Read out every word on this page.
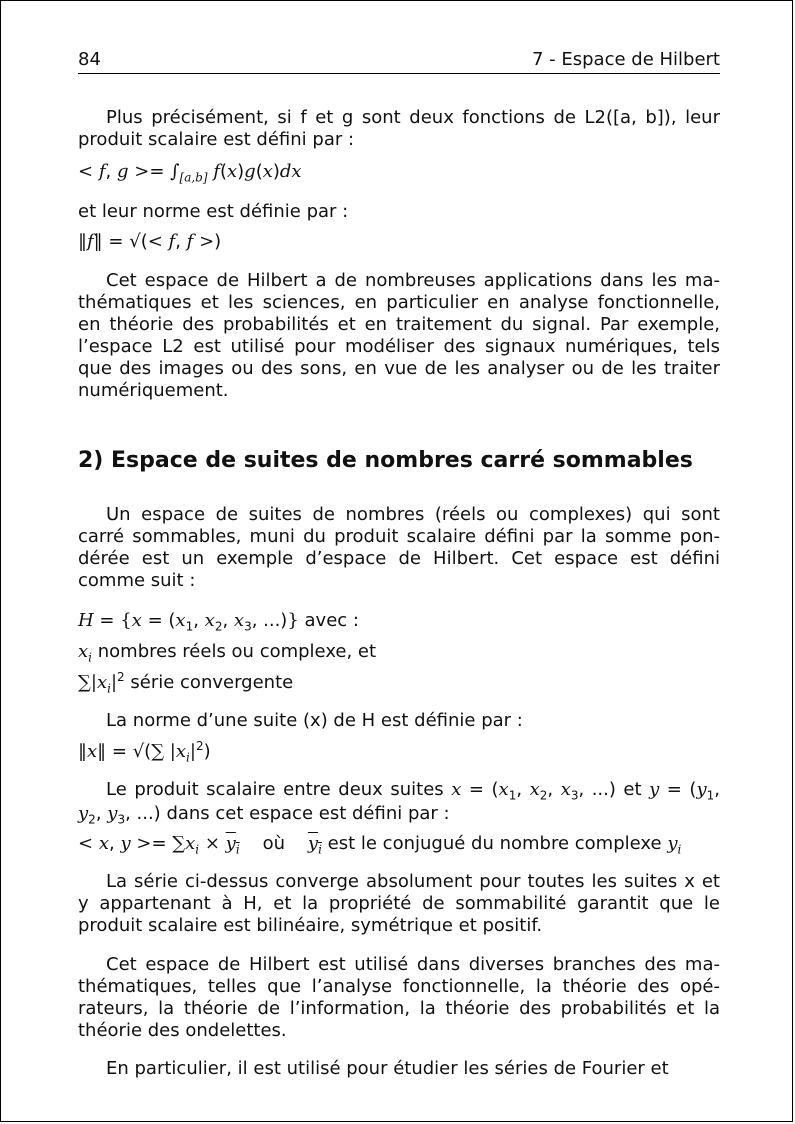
84	7 - Espace de Hilbert

Plus précisément, si f et g sont deux fonctions de L2([a, b]), leur produit scalaire est défini par :

< f, $g >= \int_{[a,b]}$ f(x)g(x)dx

et leur norme est définie par :

‖f‖ = √(< f, f >)

Cet espace de Hilbert a de nombreuses applications dans les ma-thématiques et les sciences, en particulier en analyse fonctionnelle, en théorie des probabilités et en traitement du signal. Par exemple, l’espace L2 est utilisé pour modéliser des signaux numériques, tels que des images ou des sons, en vue de les analyser ou de les traiter numériquement.

2) Espace de suites de nombres carré sommables

Un espace de suites de nombres (réels ou complexes) qui sont carré sommables, muni du produit scalaire défini par la somme pon-dérée est un exemple d’espace de Hilbert. Cet espace est défini comme suit :

$H = \{x = (x_1$, $x_2$, $x_3$, ...)} avec :
$x_i$ nombres réels ou complexe, et
$\sum|x_i|^2$ série convergente

La norme d’une suite (x) de H est définie par :

‖x‖ = √(∑ $|x_i|^2$)

Le produit scalaire entre deux suites $x = (x_1$, $x_2$, $x_3$, ...) et $y = (y_1$, $y_2$, $y_3$, ...) dans cet espace est défini par :

< x, $y >= \sum x_i \times y_i$ où $y_i$ est le conjugué du nombre complexe $y_i$

La série ci-dessus converge absolument pour toutes les suites x et y appartenant à H, et la propriété de sommabilité garantit que le produit scalaire est bilinéaire, symétrique et positif.

Cet espace de Hilbert est utilisé dans diverses branches des ma-thématiques, telles que l’analyse fonctionnelle, la théorie des opé-rateurs, la théorie de l’information, la théorie des probabilités et la théorie des ondelettes.

En particulier, il est utilisé pour étudier les séries de Fourier et
